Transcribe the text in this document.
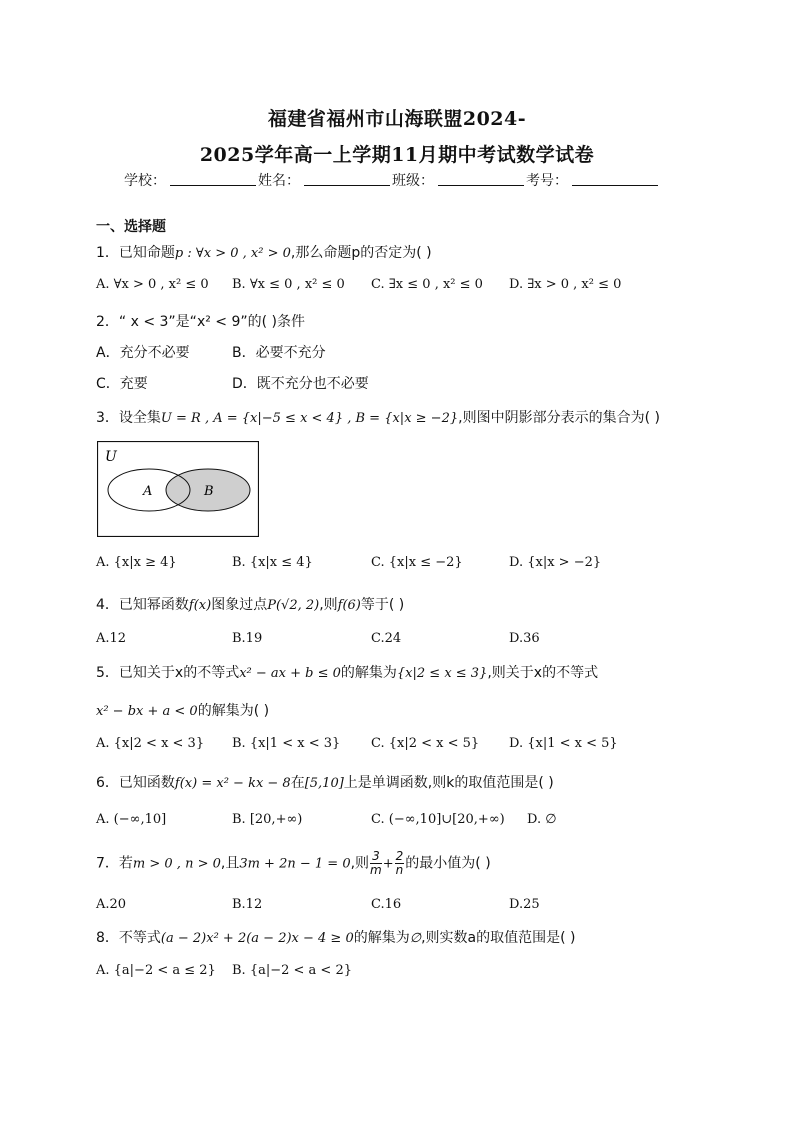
福建省福州市山海联盟2024-
2025学年高一上学期11月期中考试数学试卷
学校：	姓名：	班级：	考号：
一、选择题
1．已知命题p : ∀x > 0 , x² > 0,那么命题p的否定为( )
A. ∀x > 0 , x² ≤ 0 B. ∀x ≤ 0 , x² ≤ 0 C. ∃x ≤ 0 , x² ≤ 0 D. ∃x > 0 , x² ≤ 0
2．“ x < 3”是“x² < 9”的( )条件
A．充分不必要	B．必要不充分
C．充要	D．既不充分也不必要
3．设全集U = R , A = {x|−5 ≤ x < 4} , B = {x|x ≥ −2},则图中阴影部分表示的集合为( )
U
A	B
A. {x|x ≥ 4}	B. {x|x ≤ 4}	C. {x|x ≤ −2}	D. {x|x > −2}
4．已知幂函数f(x)图象过点P(√2, 2),则f(6)等于( )
A.12	B.19	C.24	D.36
5．已知关于x的不等式x² − ax + b ≤ 0的解集为{x|2 ≤ x ≤ 3},则关于x的不等式
x² − bx + a < 0的解集为( )
A. {x|2 < x < 3} B. {x|1 < x < 3} C. {x|2 < x < 5} D. {x|1 < x < 5}
6．已知函数f(x) = x² − kx − 8在[5,10]上是单调函数,则k的取值范围是( )
A. (−∞,10]	B. [20,+∞)	C. (−∞,10]∪[20,+∞) D. ∅
7．若m > 0 , n > 0,且3m + 2n − 1 = 0,则 $\frac{3}{m} + \frac{2}{n}$ 的最小值为( )
A.20	B.12	C.16	D.25
8．不等式(a − 2)x² + 2(a − 2)x − 4 ≥ 0的解集为∅,则实数a的取值范围是( )
A. {a|−2 < a ≤ 2} B. {a|−2 < a < 2}
